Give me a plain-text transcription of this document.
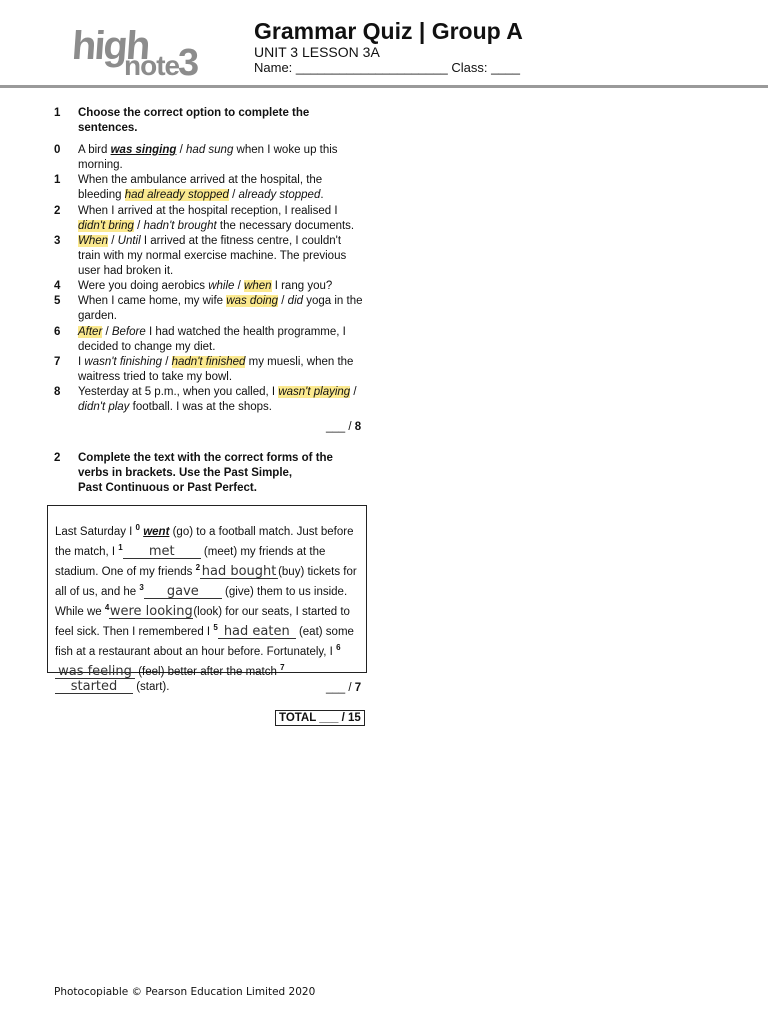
high
note
3
Grammar Quiz | Group A
UNIT 3 LESSON 3A
Name: _____________________ Class: ____
1 Choose the correct option to complete the sentences.
0 A bird was singing / had sung when I woke up this morning.
1 When the ambulance arrived at the hospital, the bleeding had already stopped / already stopped.
2 When I arrived at the hospital reception, I realised I didn't bring / hadn't brought the necessary documents.
3 When / Until I arrived at the fitness centre, I couldn't train with my normal exercise machine. The previous user had broken it.
4 Were you doing aerobics while / when I rang you?
5 When I came home, my wife was doing / did yoga in the garden.
6 After / Before I had watched the health programme, I decided to change my diet.
7 I wasn't finishing / hadn't finished my muesli, when the waitress tried to take my bowl.
8 Yesterday at 5 p.m., when you called, I wasn't playing / didn't play football. I was at the shops.
___ / 8
2 Complete the text with the correct forms of the
verbs in brackets. Use the Past Simple,
Past Continuous or Past Perfect.
Last Saturday I $^0$ went (go) to a football match. Just before the match, I $^1$ met (meet) my friends at the stadium. One of my friends $^2$ had bought (buy) tickets for all of us, and he $^3$ gave (give) them to us inside. While we $^4$were looking(look) for our seats, I started to feel sick. Then I remembered I $^5$ had eaten (eat) some fish at a restaurant about an hour before. Fortunately, I $^6$was feeling (feel) better after the match $^7$started (start).	___ / 7
TOTAL ___ / 15
Photocopiable © Pearson Education Limited 2020
